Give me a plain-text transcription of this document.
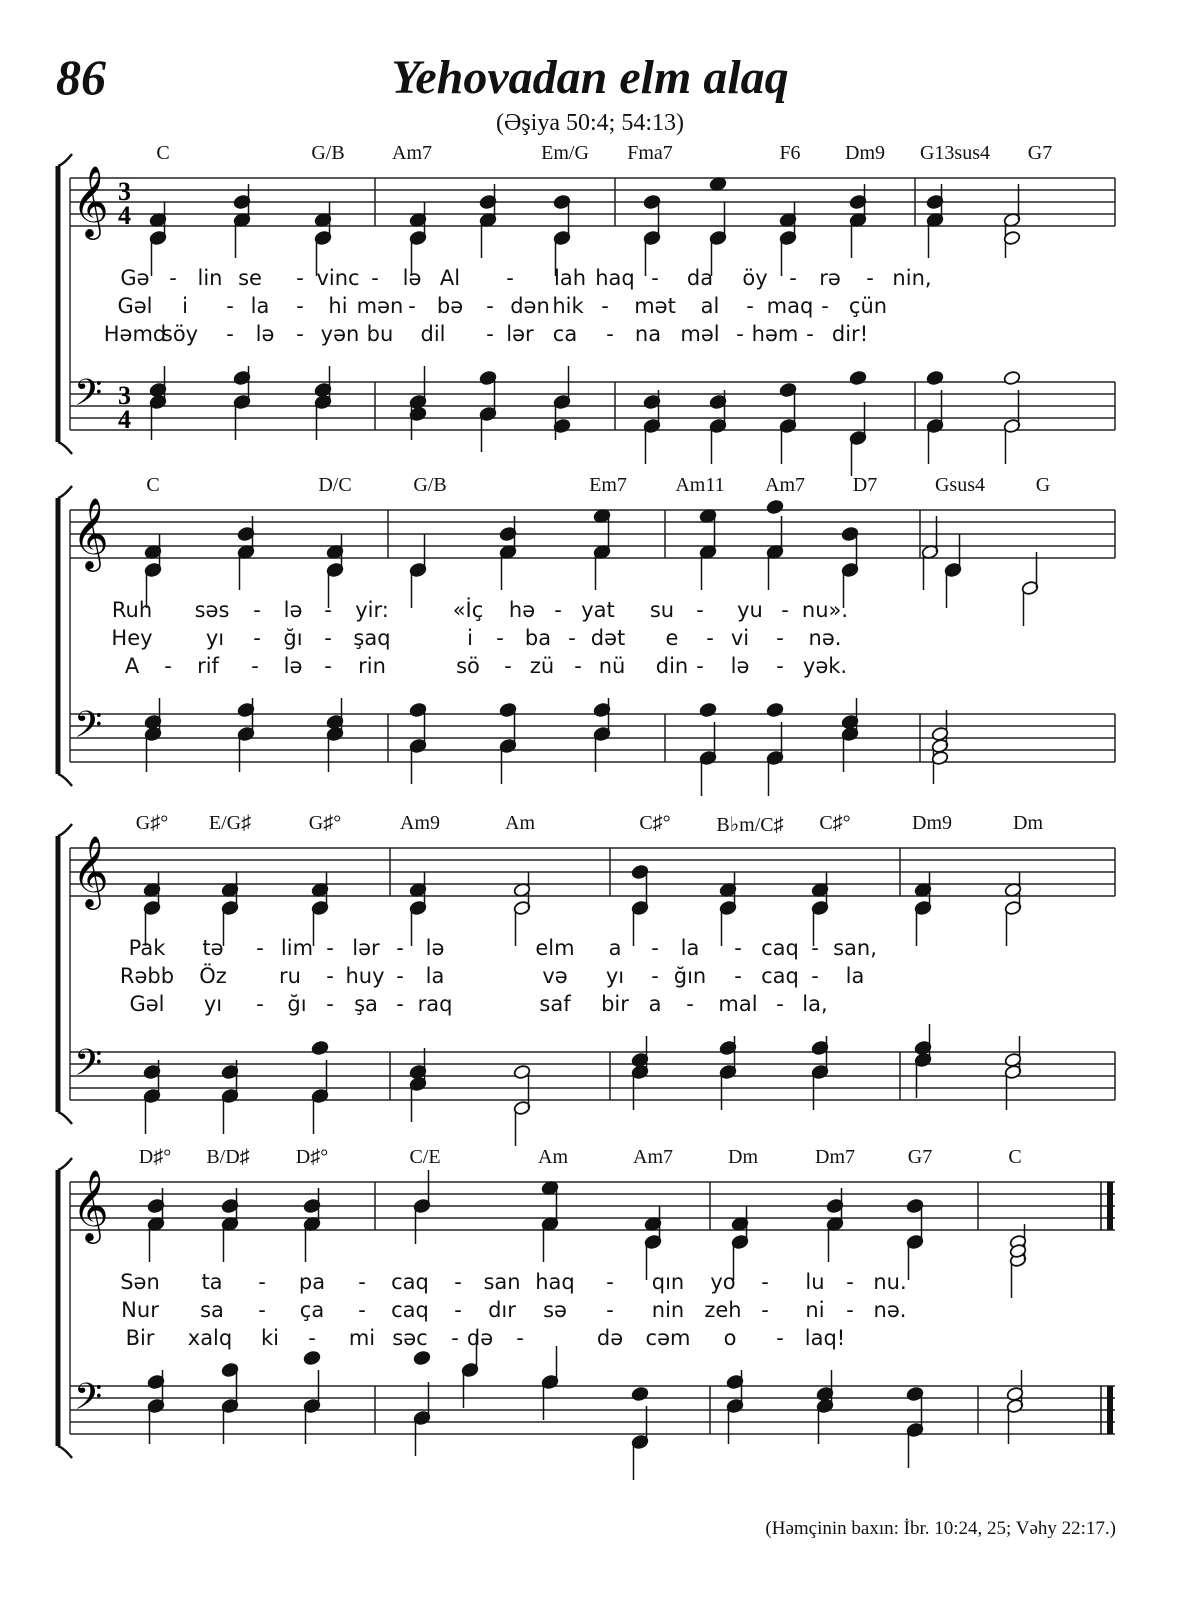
86	Yehovadan elm alaq
(Əşiya 50:4; 54:13)
𝄞
𝄢
3
4
3
4
C	G/B Am7	Em/G Fma7	F6 Dm9 G13sus4 G7
Gə - lin se - vinc - lə Al - lah haq - da öy - rə - nin,
Gəl i - la - hi mən - bə - dən hik - mət al - maq - çün
Həmd
söy - lə - yən bu dil - lər ca - na məl - həm - dir!
𝄞
𝄢
C	D/C	G/B	Em7 Am11 Am7 D7	Gsus4	G
Ruh səs - lə - yir:	«İç hə - yat su - yu - nu».
Hey	yı - ğı - şaq	i - ba - dət e - vi - nə.
A - rif - lə - rin	sö - zü - nü din - lə - yək.
𝄞
𝄢
G♯° E/G♯	G♯°	Am9	Am	C♯° B♭m/C♯ C♯°	Dm9	Dm
Pak tə - lim - lər - lə	elm a - la - caq - san,
Rəbb Öz ru - huy - la	və yı - ğın - caq - la
Gəl yı - ğı - şa - raq	saf bir a - mal - la,
𝄞
𝄢
D♯° B/D♯ D♯°	C/E	Am	Am7	Dm	Dm7	G7	C
Sən ta - pa - caq - san haq - qın yo - lu - nu.
Nur sa - ça - caq - dır sə - nin zeh - ni - nə.
Bir xalq ki - mi səc - də -	də cəm o - laq!
(Həmçinin baxın: İbr. 10:24, 25; Vəhy 22:17.)
